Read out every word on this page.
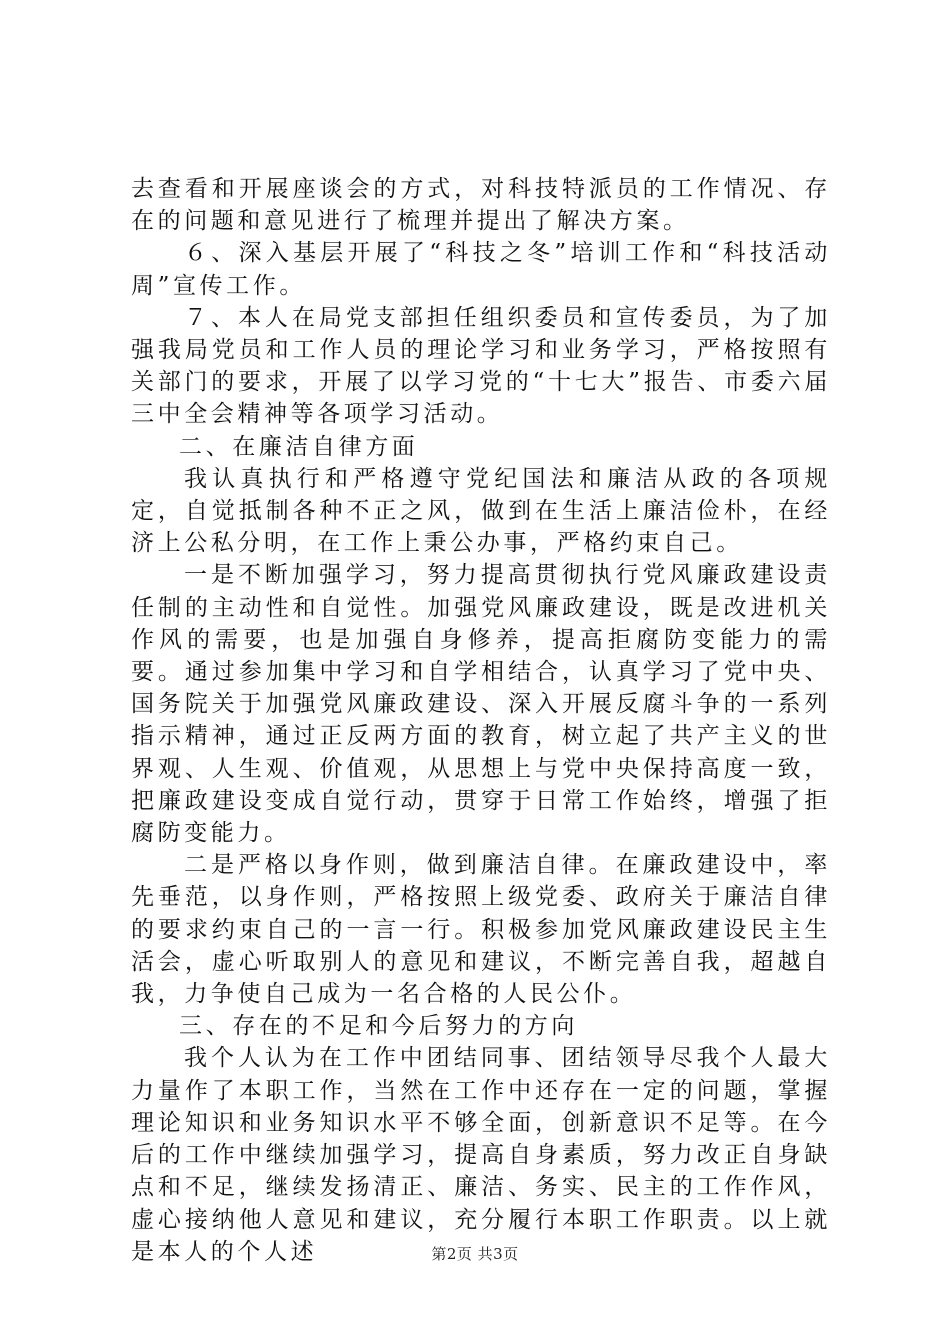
去查看和开展座谈会的方式，对科技特派员的工作情况、存在的问题和意见进行了梳理并提出了解决方案。

６、深入基层开展了“科技之冬”培训工作和“科技活动周”宣传工作。

７、本人在局党支部担任组织委员和宣传委员，为了加强我局党员和工作人员的理论学习和业务学习，严格按照有关部门的要求，开展了以学习党的“十七大”报告、市委六届三中全会精神等各项学习活动。

二、在廉洁自律方面

我认真执行和严格遵守党纪国法和廉洁从政的各项规定，自觉抵制各种不正之风，做到在生活上廉洁俭朴，在经济上公私分明，在工作上秉公办事，严格约束自己。

一是不断加强学习，努力提高贯彻执行党风廉政建设责任制的主动性和自觉性。加强党风廉政建设，既是改进机关作风的需要，也是加强自身修养，提高拒腐防变能力的需要。通过参加集中学习和自学相结合，认真学习了党中央、国务院关于加强党风廉政建设、深入开展反腐斗争的一系列指示精神，通过正反两方面的教育，树立起了共产主义的世界观、人生观、价值观，从思想上与党中央保持高度一致，把廉政建设变成自觉行动，贯穿于日常工作始终，增强了拒腐防变能力。

二是严格以身作则，做到廉洁自律。在廉政建设中，率先垂范，以身作则，严格按照上级党委、政府关于廉洁自律的要求约束自己的一言一行。积极参加党风廉政建设民主生活会，虚心听取别人的意见和建议，不断完善自我，超越自我，力争使自己成为一名合格的人民公仆。

三、存在的不足和今后努力的方向

我个人认为在工作中团结同事、团结领导尽我个人最大力量作了本职工作，当然在工作中还存在一定的问题，掌握理论知识和业务知识水平不够全面，创新意识不足等。在今后的工作中继续加强学习，提高自身素质，努力改正自身缺点和不足，继续发扬清正、廉洁、务实、民主的工作作风，虚心接纳他人意见和建议，充分履行本职工作职责。以上就是本人的个人述	第2页 共3页
